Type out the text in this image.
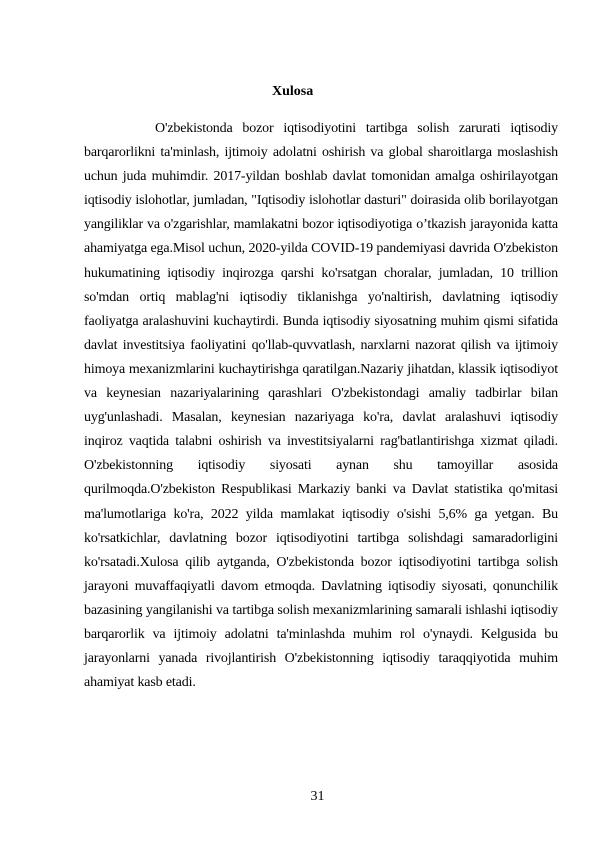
Xulosa

O'zbekistonda bozor iqtisodiyotini tartibga solish zarurati iqtisodiy barqarorlikni ta'minlash, ijtimoiy adolatni oshirish va global sharoitlarga moslashish uchun juda muhimdir. 2017-yildan boshlab davlat tomonidan amalga oshirilayotgan iqtisodiy islohotlar, jumladan, "Iqtisodiy islohotlar dasturi" doirasida olib borilayotgan yangiliklar va o'zgarishlar, mamlakatni bozor iqtisodiyotiga o’tkazish jarayonida katta ahamiyatga ega.Misol uchun, 2020-yilda COVID-19 pandemiyasi davrida O'zbekiston hukumatining iqtisodiy inqirozga qarshi ko'rsatgan choralar, jumladan, 10 trillion so'mdan ortiq mablag'ni iqtisodiy tiklanishga yo'naltirish, davlatning iqtisodiy faoliyatga aralashuvini kuchaytirdi. Bunda iqtisodiy siyosatning muhim qismi sifatida davlat investitsiya faoliyatini qo'llab-quvvatlash, narxlarni nazorat qilish va ijtimoiy himoya mexanizmlarini kuchaytirishga qaratilgan.Nazariy jihatdan, klassik iqtisodiyot va keynesian nazariyalarining qarashlari O'zbekistondagi amaliy tadbirlar bilan uyg'unlashadi. Masalan, keynesian nazariyaga ko'ra, davlat aralashuvi iqtisodiy inqiroz vaqtida talabni oshirish va investitsiyalarni rag'batlantirishga xizmat qiladi. O'zbekistonning iqtisodiy siyosati aynan shu tamoyillar asosida qurilmoqda.O'zbekiston Respublikasi Markaziy banki va Davlat statistika qo'mitasi ma'lumotlariga ko'ra, 2022 yilda mamlakat iqtisodiy o'sishi 5,6% ga yetgan. Bu ko'rsatkichlar, davlatning bozor iqtisodiyotini tartibga solishdagi samaradorligini ko'rsatadi.Xulosa qilib aytganda, O'zbekistonda bozor iqtisodiyotini tartibga solish jarayoni muvaffaqiyatli davom etmoqda. Davlatning iqtisodiy siyosati, qonunchilik bazasining yangilanishi va tartibga solish mexanizmlarining samarali ishlashi iqtisodiy barqarorlik va ijtimoiy adolatni ta'minlashda muhim rol o'ynaydi. Kelgusida bu jarayonlarni yanada rivojlantirish O'zbekistonning iqtisodiy taraqqiyotida muhim ahamiyat kasb etadi.

31
